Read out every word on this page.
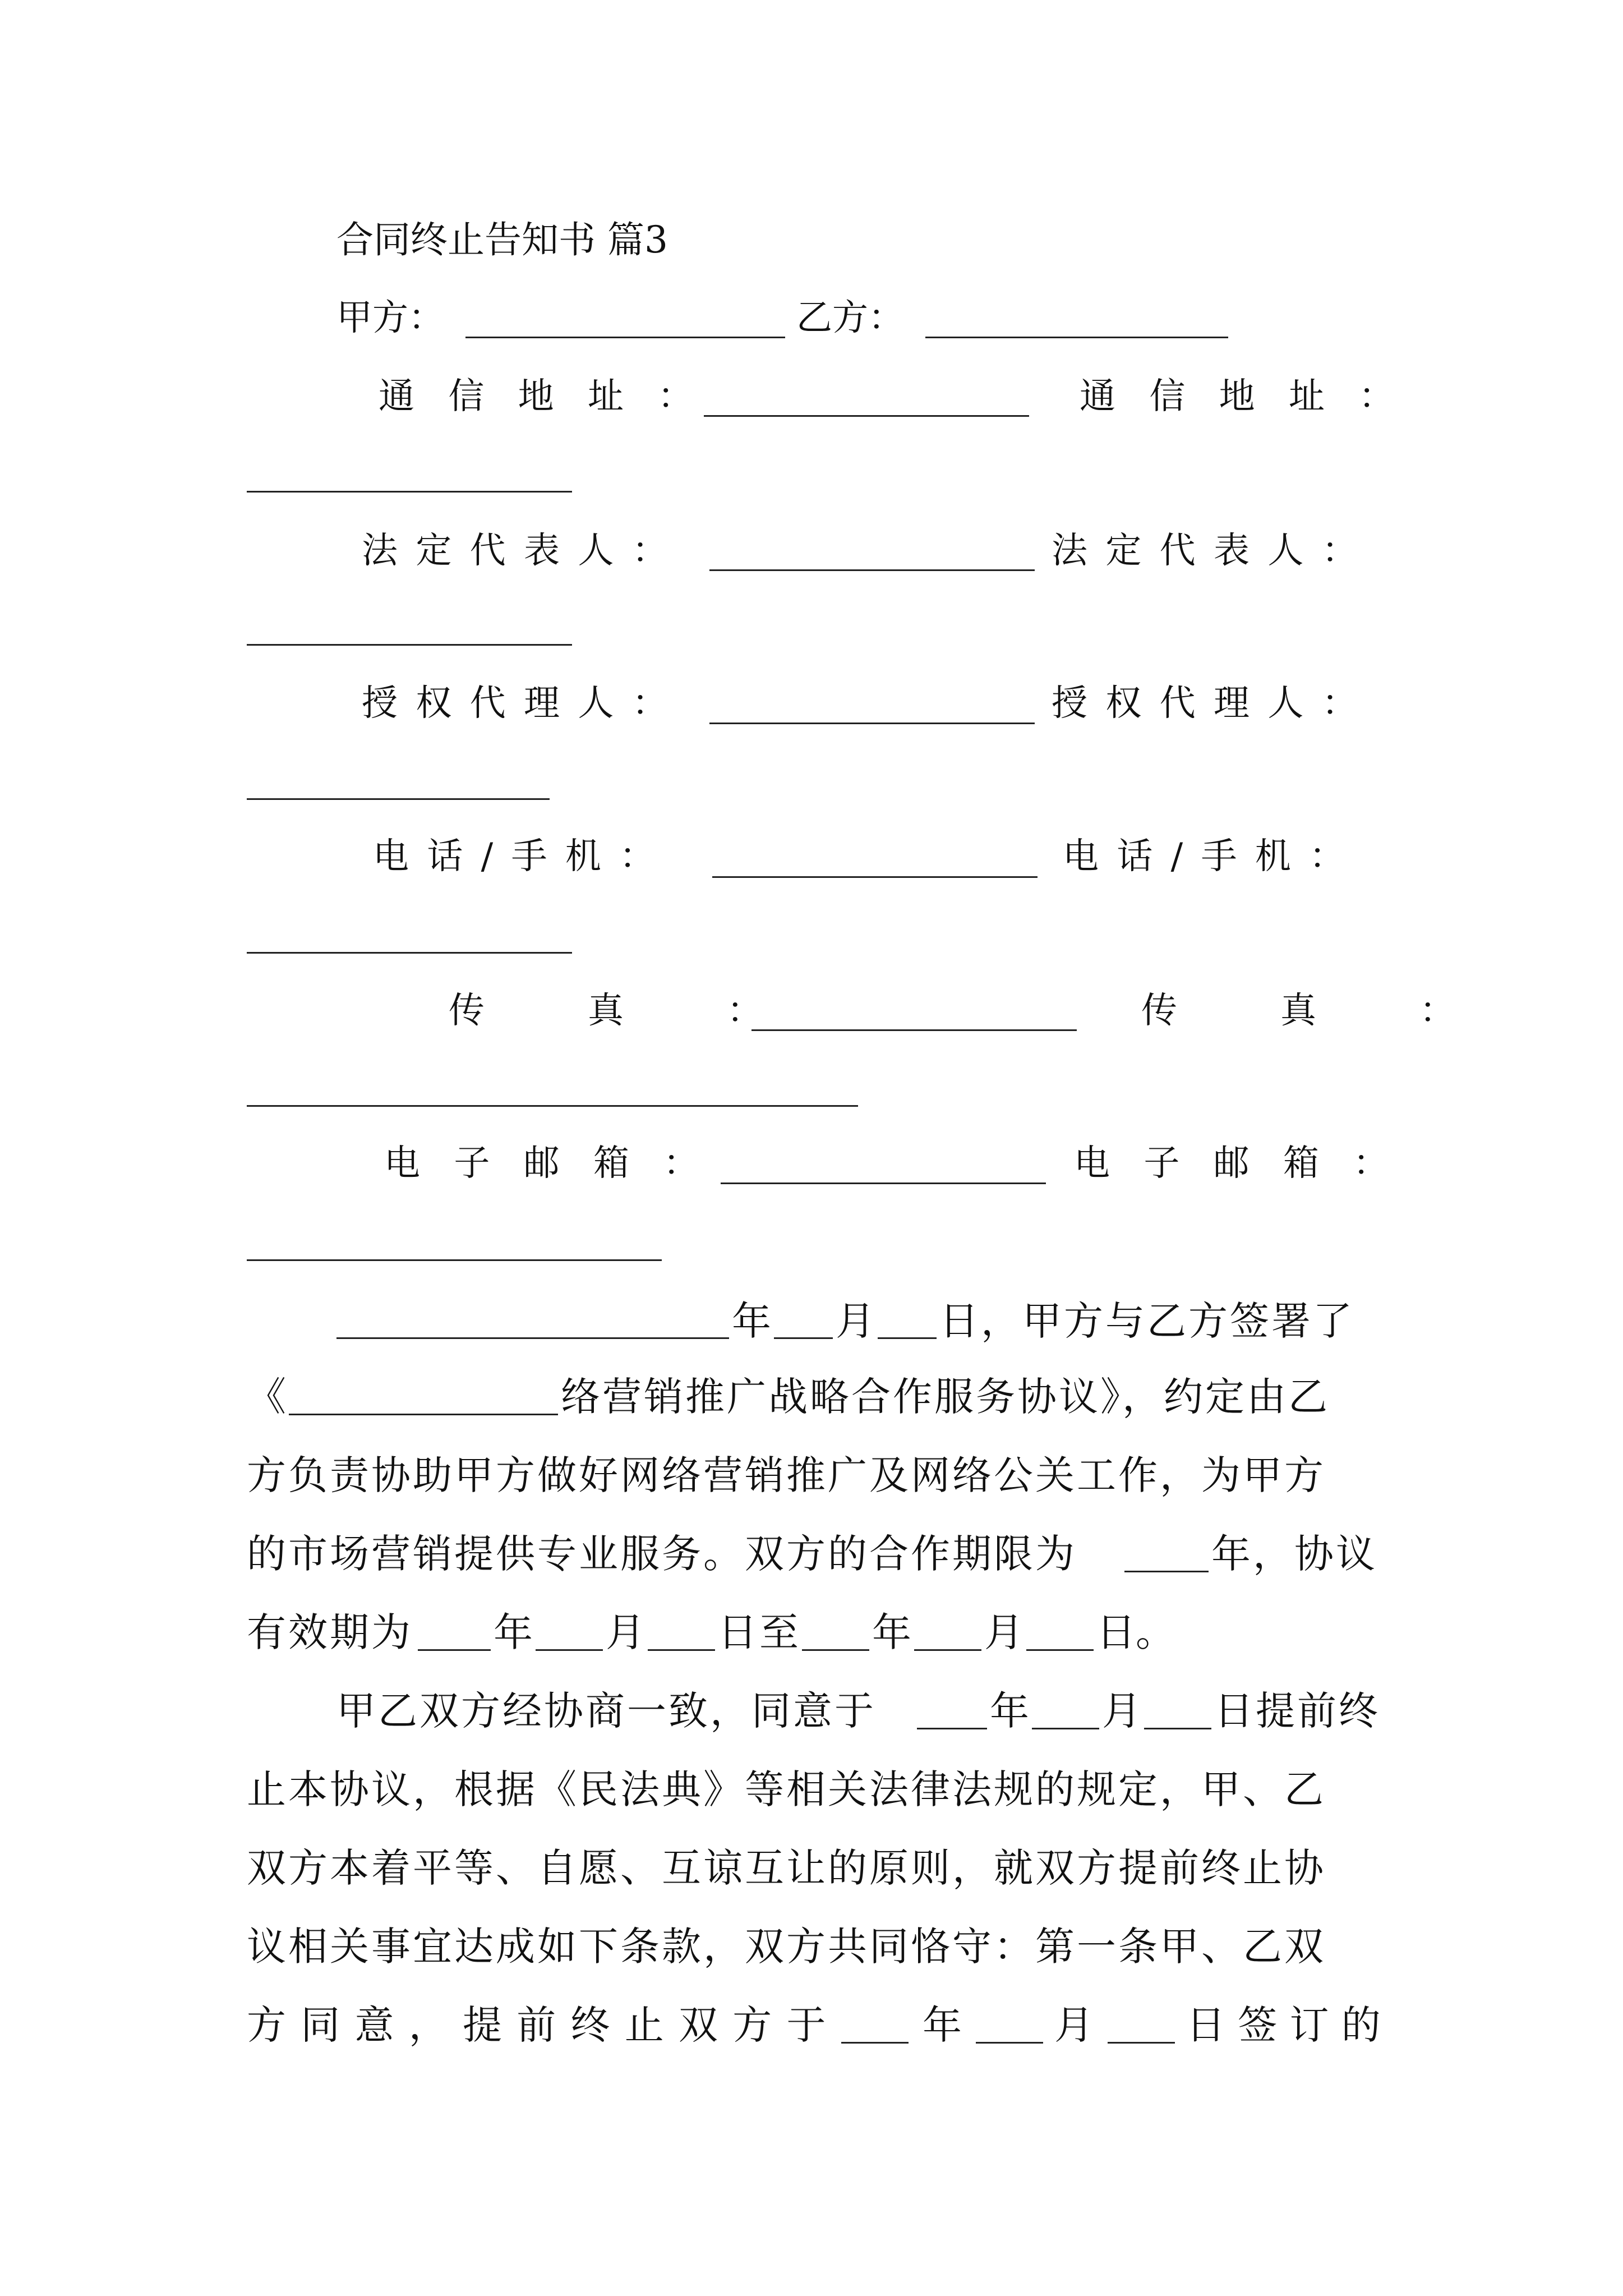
合同终止告知书 篇3
甲方：	乙方：
通 信 地 址 ：	通 信 地 址 ：
法 定 代 表 人 ：	法 定 代 表 人 ：
授 权 代 理 人 ：	授 权 代 理 人 ：
电 话 / 手 机 ：	电 话 / 手 机 ：
传　真　：	传　真　：
电 子 邮 箱 ：	电 子 邮 箱 ：
年 月 日，甲方与乙方签署了
《	络营销推广战略合作服务协议》，约定由乙
方负责协助甲方做好网络营销推广及网络公关工作，为甲方
的市场营销提供专业服务。双方的合作期限为	年，协议
有效期为 年 月 日至 年 月 日。
甲乙双方经协商一致，同意于	年 月 日提前终
止本协议，根据《民法典》等相关法律法规的规定，甲、乙
双方本着平等、自愿、互谅互让的原则，就双方提前终止协
议相关事宜达成如下条款，双方共同恪守：第一条甲、乙双
方 同 意 ， 提 前 终 止 双 方 于 年 月 日 签 订 的
